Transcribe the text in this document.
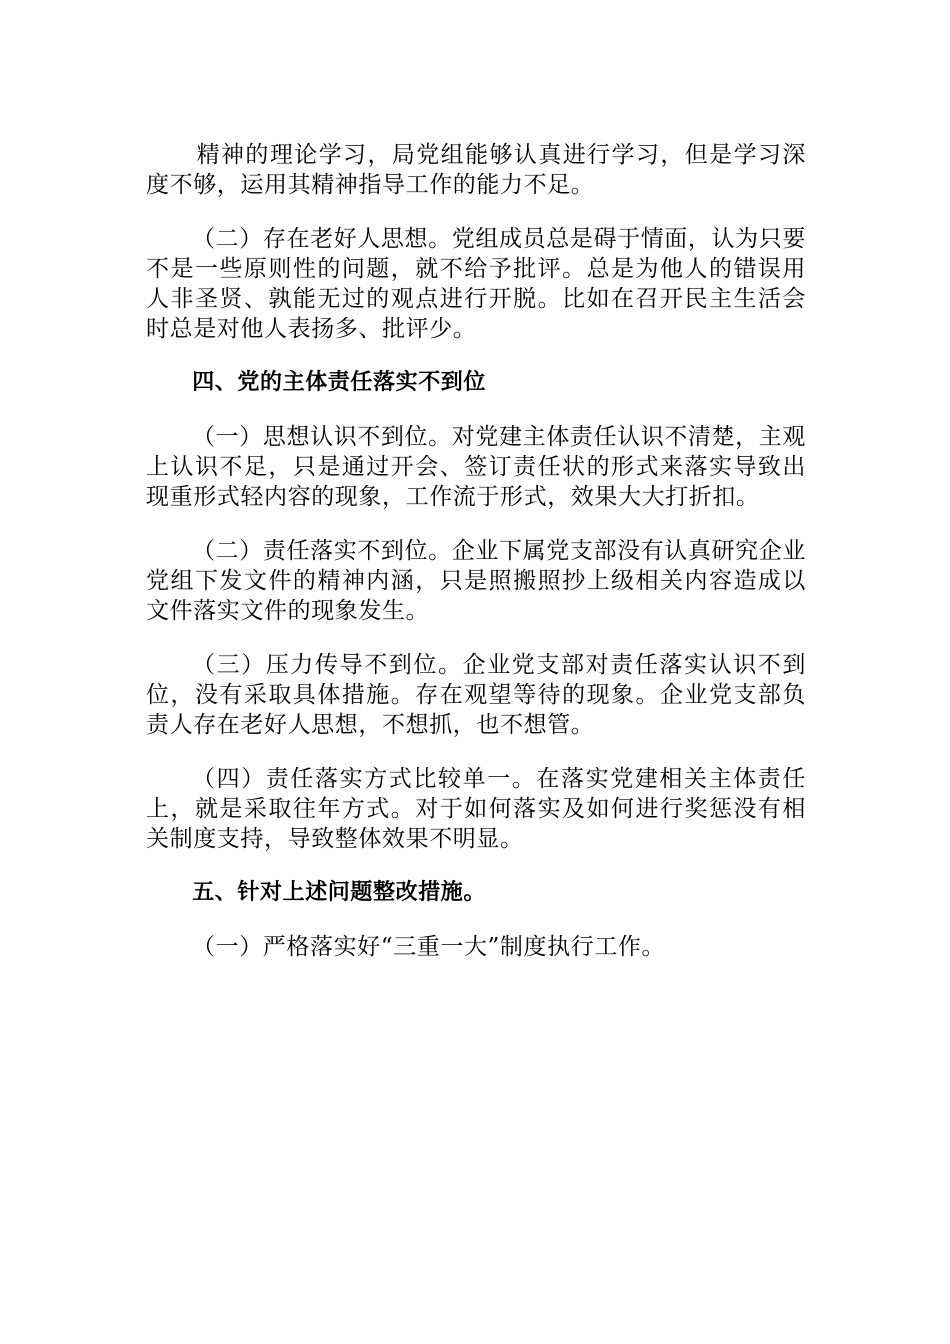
精神的理论学习，局党组能够认真进行学习，但是学习深度不够，运用其精神指导工作的能力不足。

（二）存在老好人思想。党组成员总是碍于情面，认为只要不是一些原则性的问题，就不给予批评。总是为他人的错误用人非圣贤、孰能无过的观点进行开脱。比如在召开民主生活会时总是对他人表扬多、批评少。

四、党的主体责任落实不到位

（一）思想认识不到位。对党建主体责任认识不清楚，主观上认识不足，只是通过开会、签订责任状的形式来落实导致出现重形式轻内容的现象，工作流于形式，效果大大打折扣。

（二）责任落实不到位。企业下属党支部没有认真研究企业党组下发文件的精神内涵，只是照搬照抄上级相关内容造成以文件落实文件的现象发生。

（三）压力传导不到位。企业党支部对责任落实认识不到位，没有采取具体措施。存在观望等待的现象。企业党支部负责人存在老好人思想，不想抓，也不想管。

（四）责任落实方式比较单一。在落实党建相关主体责任上，就是采取往年方式。对于如何落实及如何进行奖惩没有相关制度支持，导致整体效果不明显。

五、针对上述问题整改措施。

（一）严格落实好“三重一大”制度执行工作。
